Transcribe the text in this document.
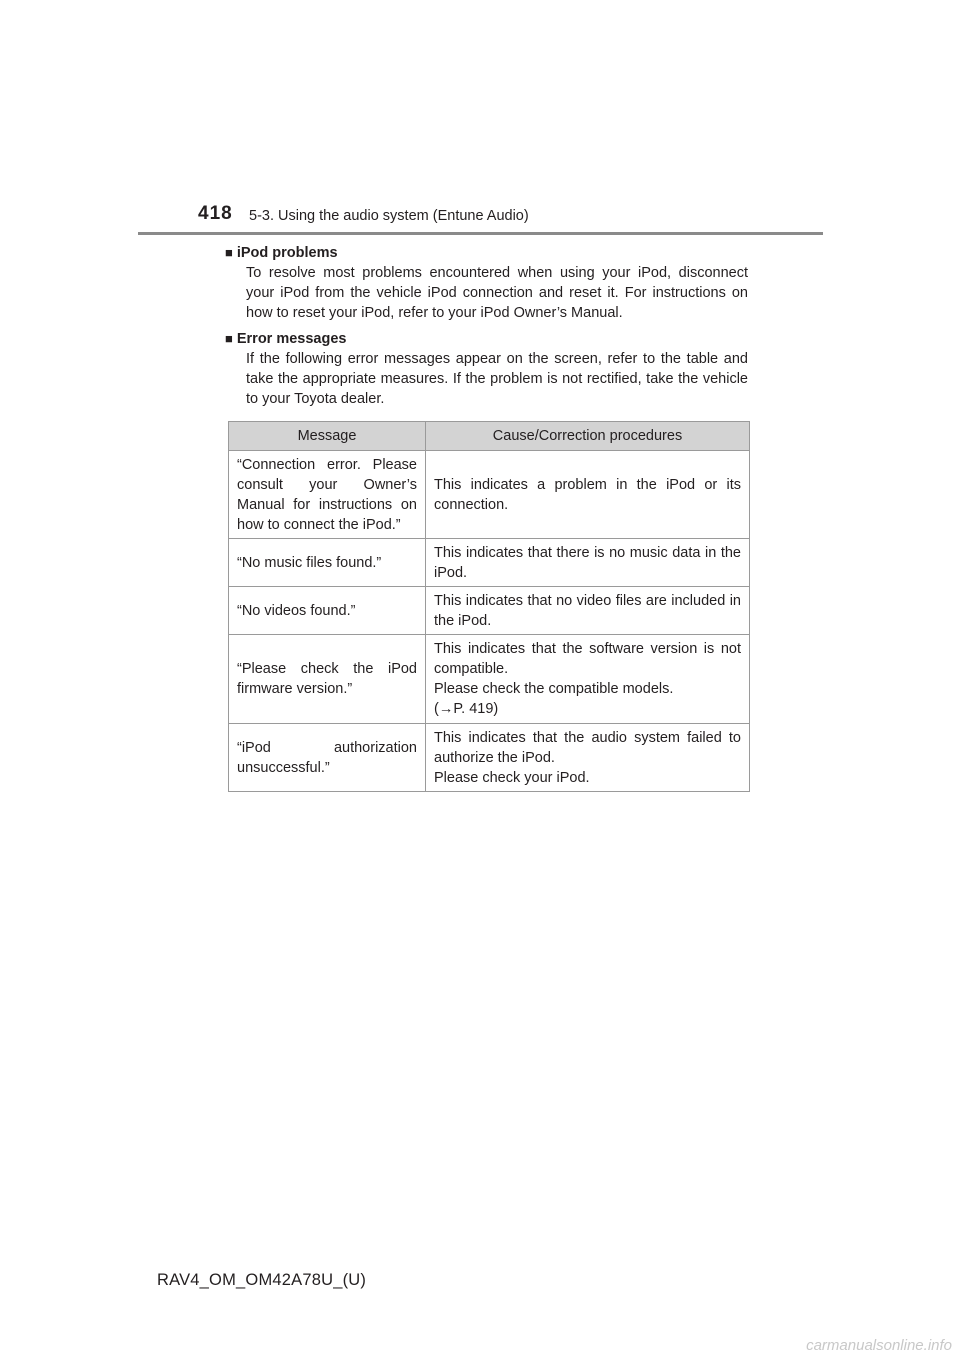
418 5-3. Using the audio system (Entune Audio)
■ iPod problems

To resolve most problems encountered when using your iPod, disconnect your iPod from the vehicle iPod connection and reset it. For instructions on how to reset your iPod, refer to your iPod Owner’s Manual.

■ Error messages

If the following error messages appear on the screen, refer to the table and take the appropriate measures. If the problem is not rectified, take the vehicle to your Toyota dealer.

Message	Cause/Correction procedures
“Connection error. Please consult your Owner’s Manual for instructions on how to connect the iPod.”	This indicates a problem in the iPod or its connection.

“No music files found.”	This indicates that there is no music data in the iPod.

“No videos found.”	This indicates that no video files are included in the iPod.

“Please check the iPod firmware version.”	This indicates that the software version is not compatible.
Please check the compatible models.
(→P. 419)

“iPod authorization unsuccessful.”	This indicates that the audio system failed to authorize the iPod.
Please check your iPod.
RAV4_OM_OM42A78U_(U)
carmanualsonline.info
